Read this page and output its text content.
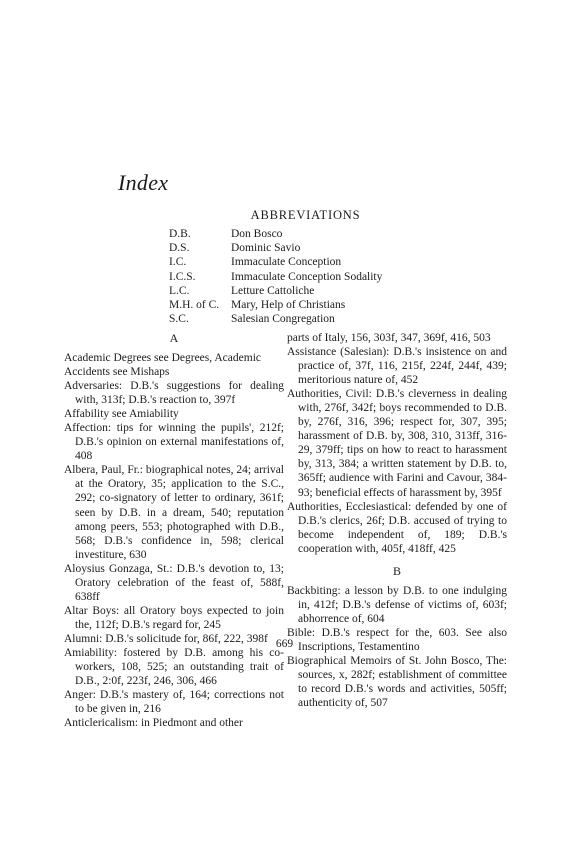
Index
ABBREVIATIONS
D.B.	Don Bosco
D.S.	Dominic Savio
I.C.	Immaculate Conception
I.C.S.	Immaculate Conception Sodality
L.C.	Letture Cattoliche
M.H. of C.	Mary, Help of Christians
S.C.	Salesian Congregation
A

Academic Degrees see Degrees, Academic

Accidents see Mishaps

Adversaries: D.B.'s suggestions for dealing with, 313f; D.B.'s reaction to, 397f

Affability see Amiability

Affection: tips for winning the pupils', 212f; D.B.'s opinion on external manifestations of, 408

Albera, Paul, Fr.: biographical notes, 24; arrival at the Oratory, 35; application to the S.C., 292; co-signatory of letter to ordinary, 361f; seen by D.B. in a dream, 540; reputation among peers, 553; photographed with D.B., 568; D.B.'s confidence in, 598; clerical investiture, 630

Aloysius Gonzaga, St.: D.B.'s devotion to, 13; Oratory celebration of the feast of, 588f, 638ff

Altar Boys: all Oratory boys expected to join the, 112f; D.B.'s regard for, 245

Alumni: D.B.'s solicitude for, 86f, 222, 398f

Amiability: fostered by D.B. among his co-workers, 108, 525; an outstanding trait of D.B., 2:0f, 223f, 246, 306, 466

Anger: D.B.'s mastery of, 164; corrections not to be given in, 216

Anticlericalism: in Piedmont and other

parts of Italy, 156, 303f, 347, 369f, 416, 503

Assistance (Salesian): D.B.'s insistence on and practice of, 37f, 116, 215f, 224f, 244f, 439; meritorious nature of, 452

Authorities, Civil: D.B.'s cleverness in dealing with, 276f, 342f; boys recommended to D.B. by, 276f, 316, 396; respect for, 307, 395; harassment of D.B. by, 308, 310, 313ff, 316-29, 379ff; tips on how to react to harassment by, 313, 384; a written statement by D.B. to, 365ff; audience with Farini and Cavour, 384-93; beneficial effects of harassment by, 395f

Authorities, Ecclesiastical: defended by one of D.B.'s clerics, 26f; D.B. accused of trying to become independent of, 189; D.B.'s cooperation with, 405f, 418ff, 425

B

Backbiting: a lesson by D.B. to one indulging in, 412f; D.B.'s defense of victims of, 603f; abhorrence of, 604

Bible: D.B.'s respect for the, 603. See also Inscriptions, Testamentino

Biographical Memoirs of St. John Bosco, The: sources, x, 282f; establishment of committee to record D.B.'s words and activities, 505ff; authenticity of, 507

669
